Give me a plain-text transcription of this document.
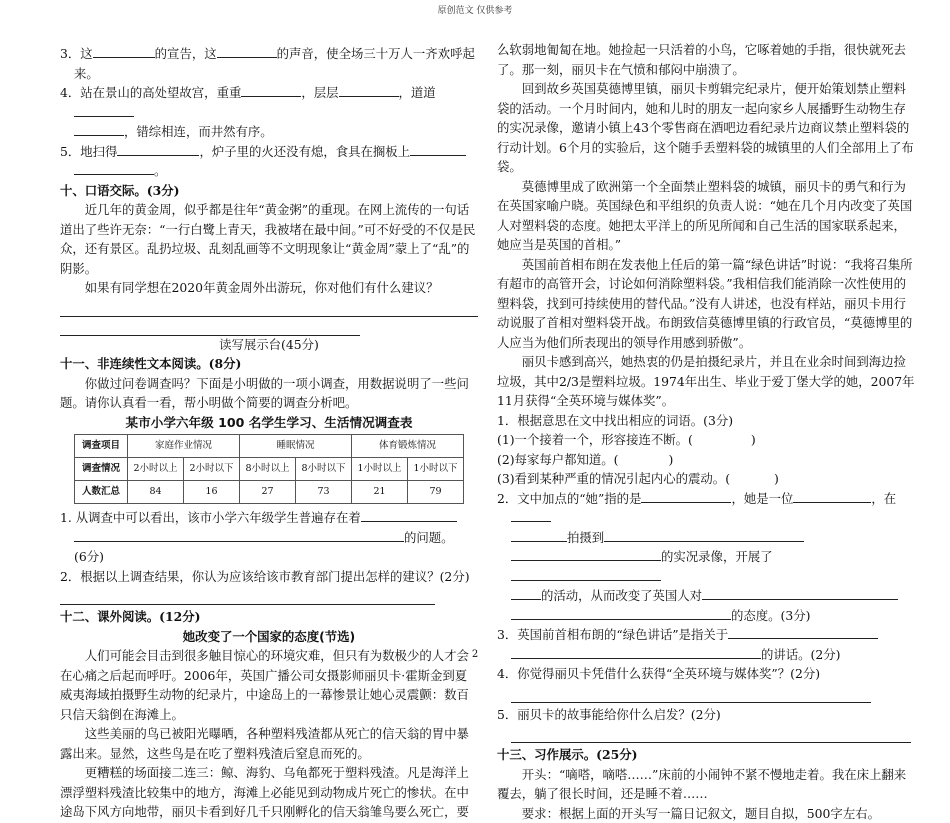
原创范文 仅供参考

3．这	的宣告，这	的声音，使全场三十万人一齐欢呼起来。

4．站在景山的高处望故宫，重重	，层层	，道道
，错综相连，而井然有序。

5．地扫得	，炉子里的火还没有熄，食具在搁板上
。

十、口语交际。(3分)

近几年的黄金周，似乎都是往年“黄金粥”的重现。在网上流传的一句话道出了些许无奈：“一行白鹭上青天，我被堵在最中间。”可不好受的不仅是民众，还有景区。乱扔垃圾、乱刻乱画等不文明现象让“黄金周”蒙上了“乱”的阴影。

如果有同学想在2020年黄金周外出游玩，你对他们有什么建议？

读写展示台(45分)

十一、非连续性文本阅读。(8分)

你做过问卷调查吗？下面是小明做的一项小调查，用数据说明了一些问题。请你认真看一看，帮小明做个简要的调查分析吧。

某市小学六年级 100 名学生学习、生活情况调查表

调查项目	家庭作业情况		睡眠情况		体育锻炼情况	
调查情况	2小时以上	2小时以下	8小时以上	8小时以下	1小时以上	1小时以下
人数汇总	84	16	27	73	21	79

1. 从调查中可以看出，该市小学六年级学生普遍存在着
的问题。
(6分)

2．根据以上调查结果，你认为应该给该市教育部门提出怎样的建议？(2分)

十二、课外阅读。(12分)

她改变了一个国家的态度(节选)

人们可能会目击到很多触目惊心的环境灾难，但只有为数极少的人才会在心痛之后起而呼吁。2006年，英国广播公司女摄影师丽贝卡·霍斯金到夏威夷海域拍摄野生动物的纪录片，中途岛上的一幕惨景让她心灵震颤：数百只信天翁倒在海滩上。

这些美丽的鸟已被阳光曝晒，各种塑料残渣都从死亡的信天翁的胃中暴露出来。显然，这些鸟是在吃了塑料残渣后窒息而死的。

更糟糕的场面接二连三：鲸、海豹、乌龟都死于塑料残渣。凡是海洋上漂浮塑料残渣比较集中的地方，海滩上必能见到动物成片死亡的惨状。在中途岛下风方向地带，丽贝卡看到好几千只刚孵化的信天翁雏鸟要么死亡，要

么软弱地匍匐在地。她捡起一只活着的小鸟，它啄着她的手指，很快就死去了。那一刻，丽贝卡在气愤和郁闷中崩溃了。

回到故乡英国莫德博里镇，丽贝卡剪辑完纪录片，便开始策划禁止塑料袋的活动。一个月时间内，她和儿时的朋友一起向家乡人展播野生动物生存的实况录像，邀请小镇上43个零售商在酒吧边看纪录片边商议禁止塑料袋的行动计划。6个月的实验后，这个随手丢塑料袋的城镇里的人们全部用上了布袋。

莫德博里成了欧洲第一个全面禁止塑料袋的城镇，丽贝卡的勇气和行为在英国家喻户晓。英国绿色和平组织的负责人说：“她在几个月内改变了英国人对塑料袋的态度。她把太平洋上的所见所闻和自己生活的国家联系起来，她应当是英国的首相。”

英国前首相布朗在发表他上任后的第一篇“绿色讲话”时说：“我将召集所有超市的高管开会，讨论如何消除塑料袋。”我相信我们能消除一次性使用的塑料袋，找到可持续使用的替代品。”没有人讲述，也没有样站，丽贝卡用行动说服了首相对塑料袋开战。布朗致信莫德博里镇的行政官员，“莫德博里的人应当为他们所表现出的领导作用感到骄傲”。

丽贝卡感到高兴，她热衷的仍是拍摄纪录片，并且在业余时间到海边捡垃圾，其中2/3是塑料垃圾。1974年出生、毕业于爱丁堡大学的她，2007年11月获得“全英环境与媒体奖”。

1．根据意思在文中找出相应的词语。(3分)

(1)一个接着一个，形容接连不断。(	)

(2)每家每户都知道。(	)

(3)看到某种严重的情况引起内心的震动。(	)

2．文中加点的“她”指的是	，她是一位	，在
拍摄到
的实况录像，开展了
的活动，从而改变了英国人对
的态度。(3分)

3．英国前首相布朗的“绿色讲话”是指关于
的讲话。(2分)

4．你觉得丽贝卡凭借什么获得“全英环境与媒体奖”？(2分)

5．丽贝卡的故事能给你什么启发？(2分)

十三、习作展示。(25分)

开头：“嘀嗒，嘀嗒……”床前的小闹钟不紧不慢地走着。我在床上翻来覆去，躺了很长时间，还是睡不着……

要求：根据上面的开头写一篇日记叙文，题目自拟，500字左右。

2
